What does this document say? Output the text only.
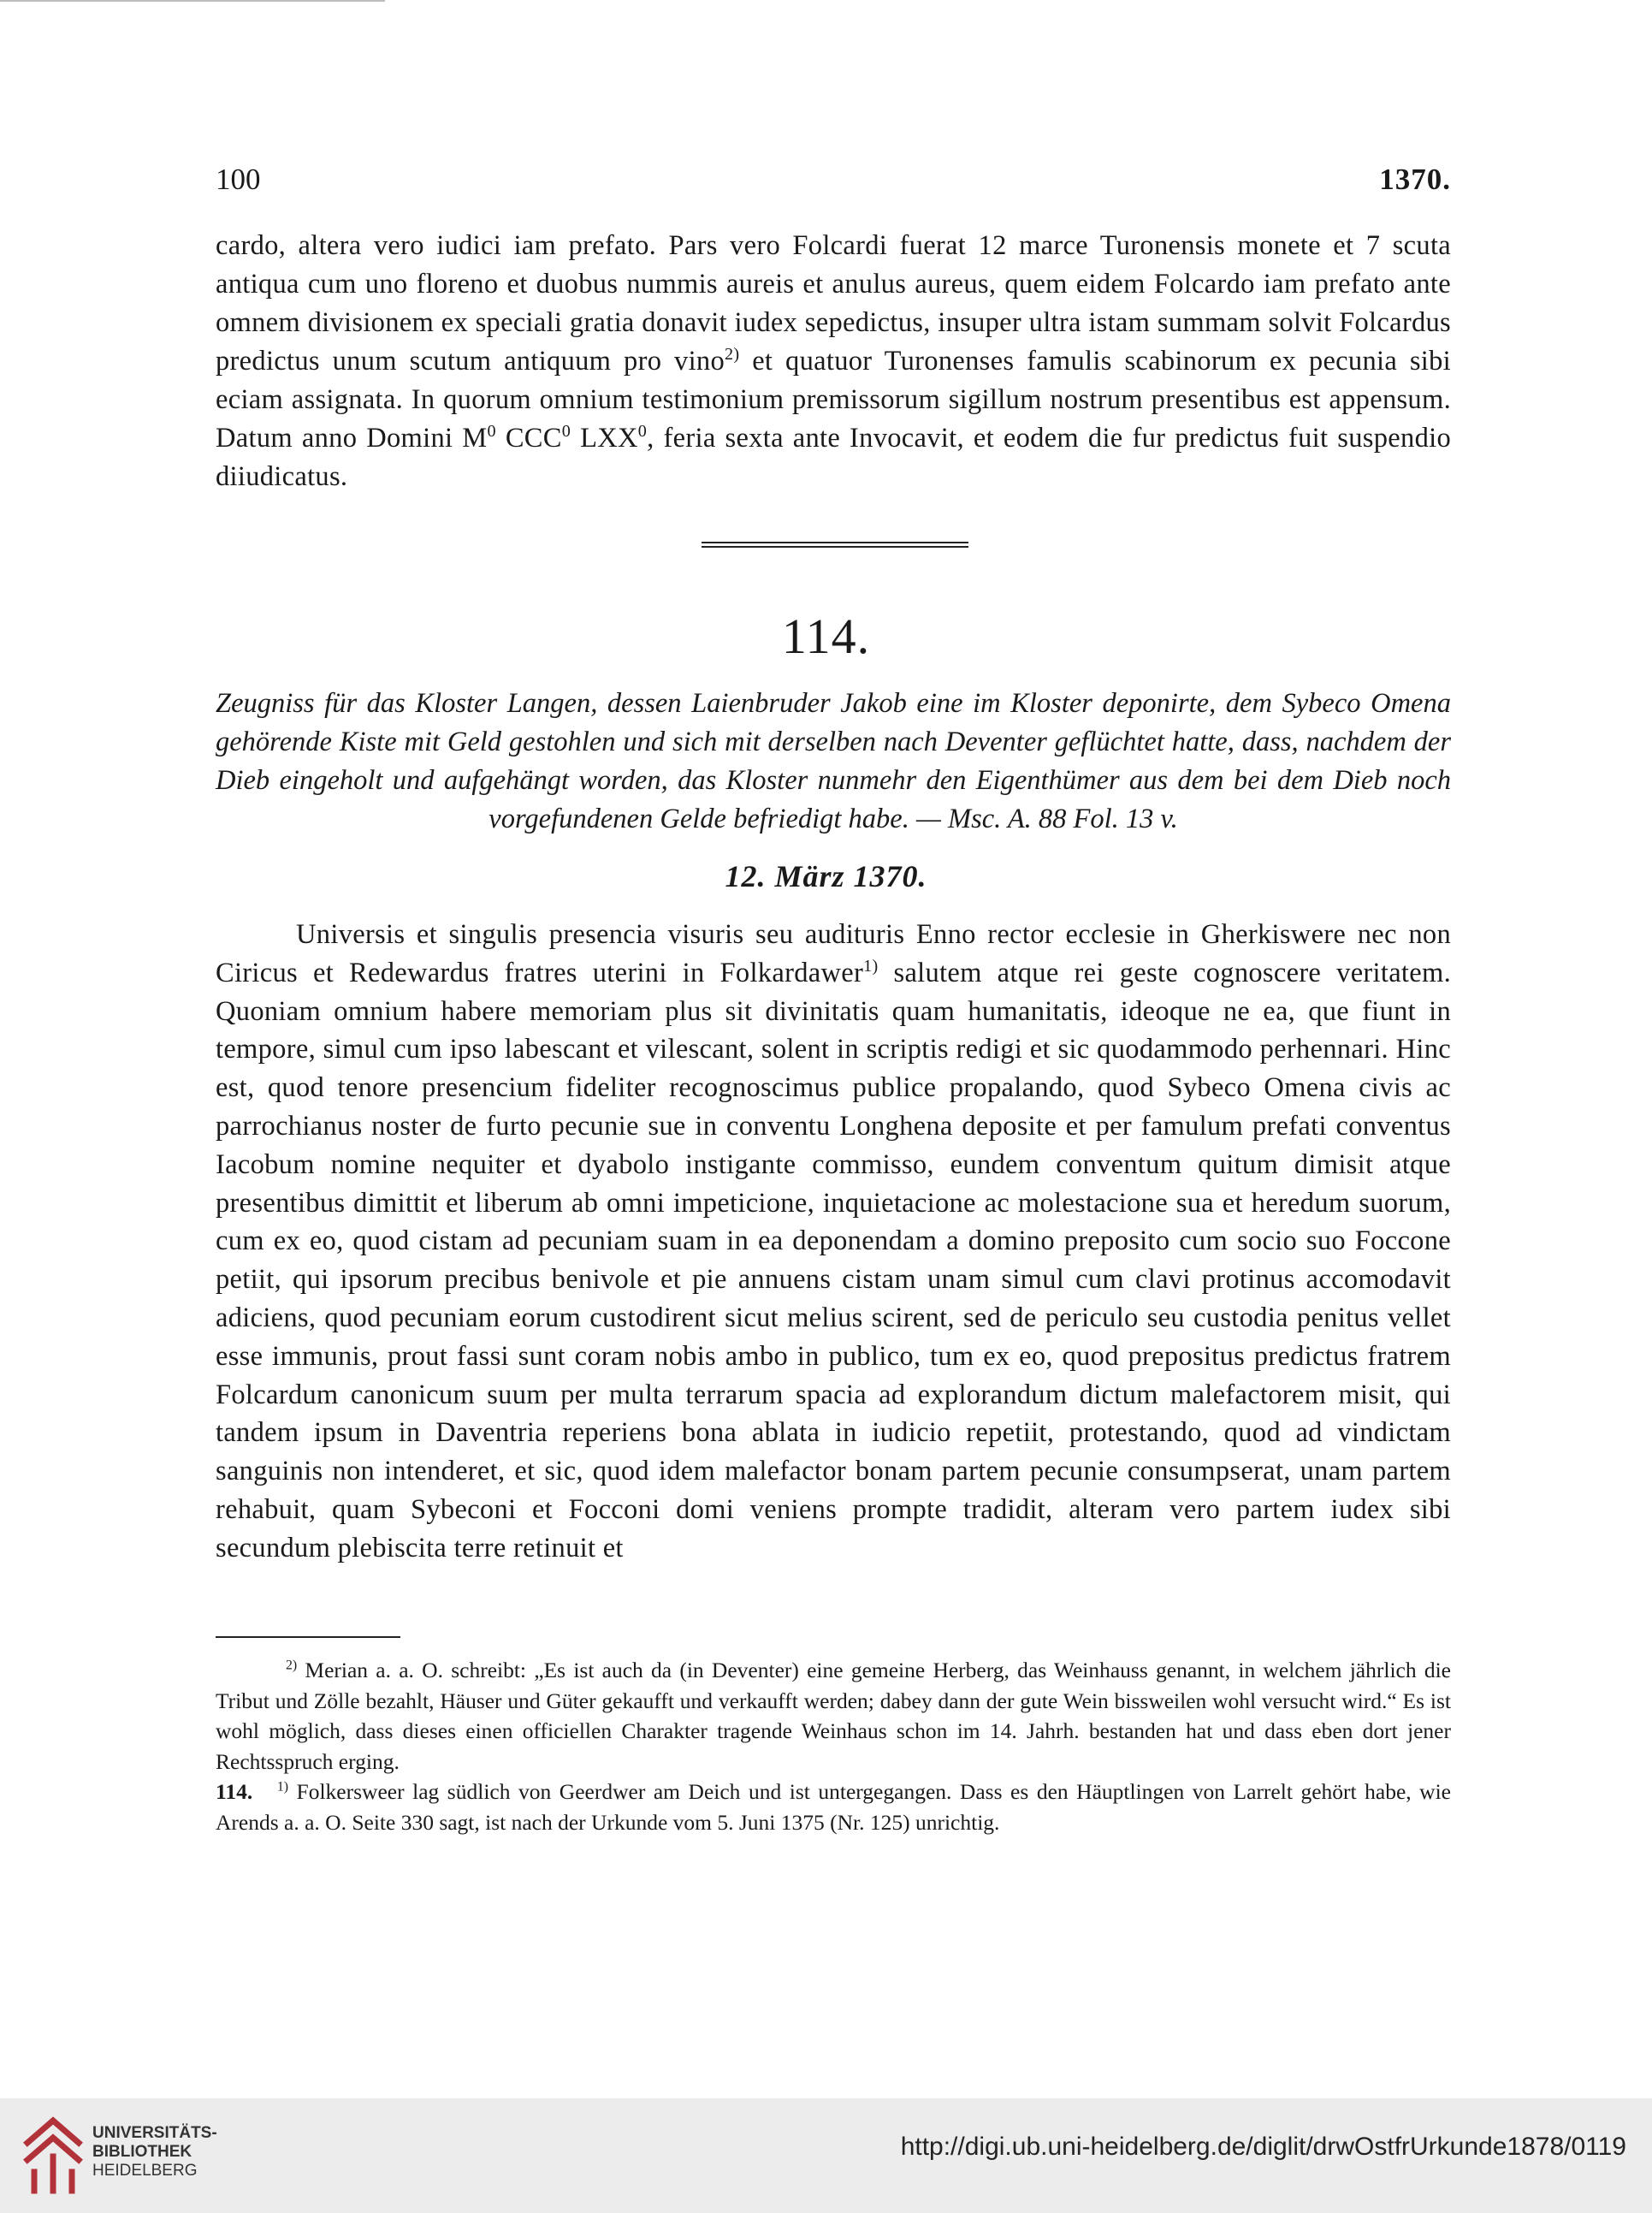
100	1370.

cardo, altera vero iudici iam prefato. Pars vero Folcardi fuerat 12 marce Turonensis monete et 7 scuta antiqua cum uno floreno et duobus nummis aureis et anulus aureus, quem eidem Folcardo iam prefato ante omnem divisionem ex speciali gratia donavit iudex sepedictus, insuper ultra istam summam solvit Folcardus predictus unum scutum antiquum pro vino$^{2)}$ et quatuor Turonenses famulis scabinorum ex pecunia sibi eciam assignata. In quorum omnium testimonium premissorum sigillum nostrum presentibus est appensum. Datum anno Domini $M^0$ CCC$^0$ LXX$^0$, feria sexta ante Invocavit, et eodem die fur predictus fuit suspendio diiudicatus.

114.

Zeugniss für das Kloster Langen, dessen Laienbruder Jakob eine im Kloster deponirte, dem Sybeco Omena gehörende Kiste mit Geld gestohlen und sich mit derselben nach Deventer geflüchtet hatte, dass, nachdem der Dieb eingeholt und aufgehängt worden, das Kloster nunmehr den Eigenthümer aus dem bei dem Dieb noch vorgefundenen Gelde befriedigt habe. — Msc. A. 88 Fol. 13 v.

12. März 1370.

Universis et singulis presencia visuris seu audituris Enno rector ecclesie in Gherkiswere nec non Ciricus et Redewardus fratres uterini in Folkardawer$^{1)}$ salutem atque rei geste cognoscere veritatem. Quoniam omnium habere memoriam plus sit divinitatis quam humanitatis, ideoque ne ea, que fiunt in tempore, simul cum ipso labescant et vilescant, solent in scriptis redigi et sic quodammodo perhennari. Hinc est, quod tenore presencium fideliter recognoscimus publice propalando, quod Sybeco Omena civis ac parrochianus noster de furto pecunie sue in conventu Longhena deposite et per famulum prefati conventus Iacobum nomine nequiter et dyabolo instigante commisso, eundem conventum quitum dimisit atque presentibus dimittit et liberum ab omni impeticione, inquietacione ac molestacione sua et heredum suorum, cum ex eo, quod cistam ad pecuniam suam in ea deponendam a domino preposito cum socio suo Foccone petiit, qui ipsorum precibus benivole et pie annuens cistam unam simul cum clavi protinus accomodavit adiciens, quod pecuniam eorum custodirent sicut melius scirent, sed de periculo seu custodia penitus vellet esse immunis, prout fassi sunt coram nobis ambo in publico, tum ex eo, quod prepositus predictus fratrem Folcardum canonicum suum per multa terrarum spacia ad explorandum dictum malefactorem misit, qui tandem ipsum in Daventria reperiens bona ablata in iudicio repetiit, protestando, quod ad vindictam sanguinis non intenderet, et sic, quod idem malefactor bonam partem pecunie consumpserat, unam partem rehabuit, quam Sybeconi et Focconi domi veniens prompte tradidit, alteram vero partem iudex sibi secundum plebiscita terre retinuit et

$^{2)}$ Merian a. a. O. schreibt: „Es ist auch da (in Deventer) eine gemeine Herberg, das Weinhauss genannt, in welchem jährlich die Tribut und Zölle bezahlt, Häuser und Güter gekaufft und verkaufft werden; dabey dann der gute Wein bissweilen wohl versucht wird.“ Es ist wohl möglich, dass dieses einen officiellen Charakter tragende Weinhaus schon im 14. Jahrh. bestanden hat und dass eben dort jener Rechtsspruch erging.

114. $^{1)}$ Folkersweer lag südlich von Geerdwer am Deich und ist untergegangen. Dass es den Häuptlingen von Larrelt gehört habe, wie Arends a. a. O. Seite 330 sagt, ist nach der Urkunde vom 5. Juni 1375 (Nr. 125) unrichtig.

UNIVERSITÄTS-
BIBLIOTHEK
HEIDELBERG
http://digi.ub.uni-heidelberg.de/diglit/drwOstfrUrkunde1878/0119
